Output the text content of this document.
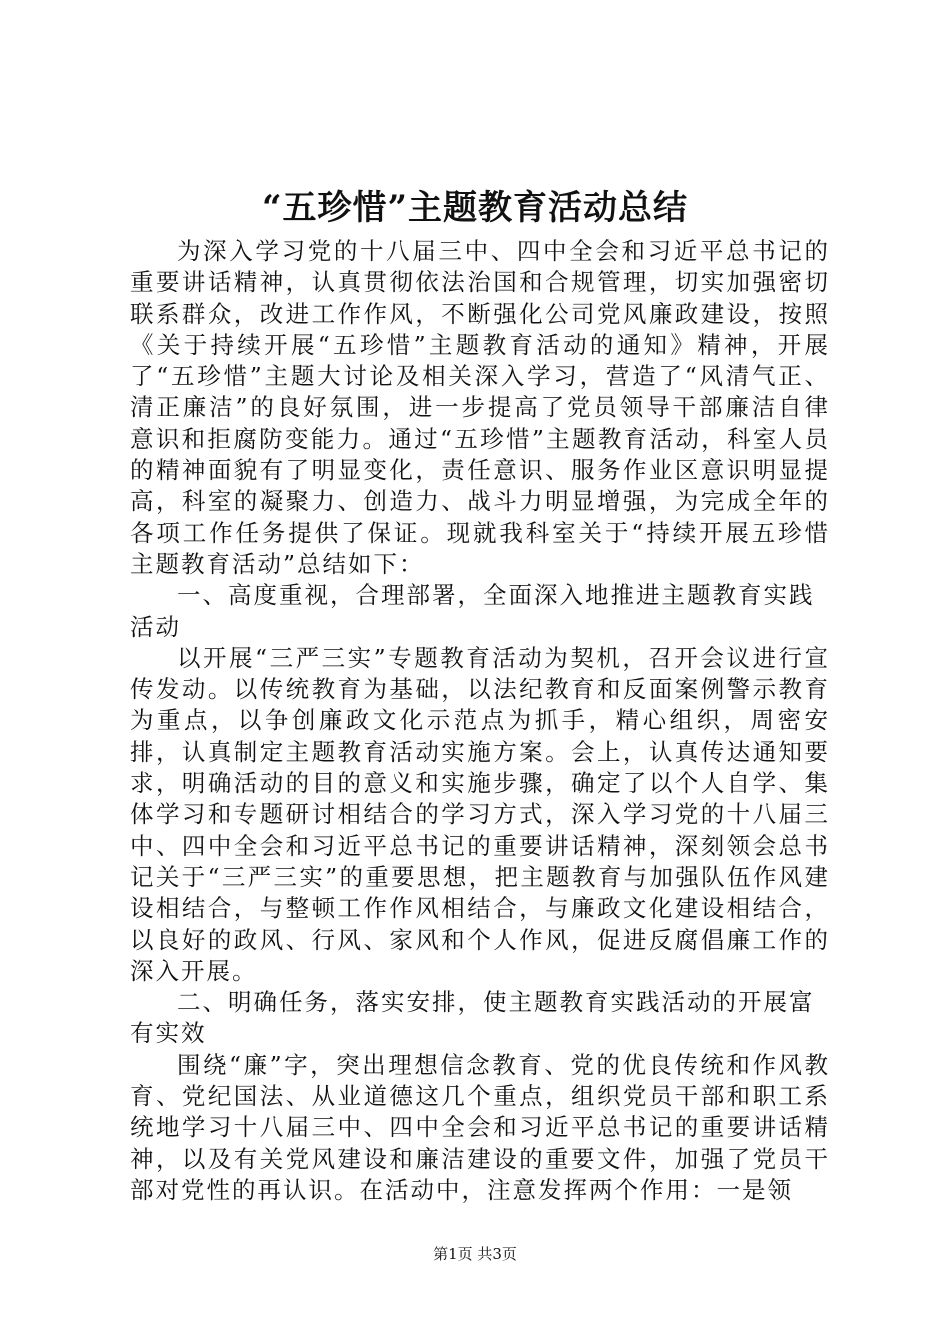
“五珍惜”主题教育活动总结

为深入学习党的十八届三中、四中全会和习近平总书记的重要讲话精神，认真贯彻依法治国和合规管理，切实加强密切联系群众，改进工作作风，不断强化公司党风廉政建设，按照《关于持续开展“五珍惜”主题教育活动的通知》精神，开展了“五珍惜”主题大讨论及相关深入学习，营造了“风清气正、清正廉洁”的良好氛围，进一步提高了党员领导干部廉洁自律意识和拒腐防变能力。通过“五珍惜”主题教育活动，科室人员的精神面貌有了明显变化，责任意识、服务作业区意识明显提高，科室的凝聚力、创造力、战斗力明显增强，为完成全年的各项工作任务提供了保证。现就我科室关于“持续开展五珍惜主题教育活动”总结如下：

一、高度重视，合理部署，全面深入地推进主题教育实践活动

以开展“三严三实”专题教育活动为契机，召开会议进行宣传发动。以传统教育为基础，以法纪教育和反面案例警示教育为重点，以争创廉政文化示范点为抓手，精心组织，周密安排，认真制定主题教育活动实施方案。会上，认真传达通知要求，明确活动的目的意义和实施步骤，确定了以个人自学、集体学习和专题研讨相结合的学习方式，深入学习党的十八届三中、四中全会和习近平总书记的重要讲话精神，深刻领会总书记关于“三严三实”的重要思想，把主题教育与加强队伍作风建设相结合，与整顿工作作风相结合，与廉政文化建设相结合，以良好的政风、行风、家风和个人作风，促进反腐倡廉工作的深入开展。

二、明确任务，落实安排，使主题教育实践活动的开展富有实效

围绕“廉”字，突出理想信念教育、党的优良传统和作风教育、党纪国法、从业道德这几个重点，组织党员干部和职工系统地学习十八届三中、四中全会和习近平总书记的重要讲话精神，以及有关党风建设和廉洁建设的重要文件，加强了党员干部对党性的再认识。在活动中，注意发挥两个作用：一是领

第1页 共3页
